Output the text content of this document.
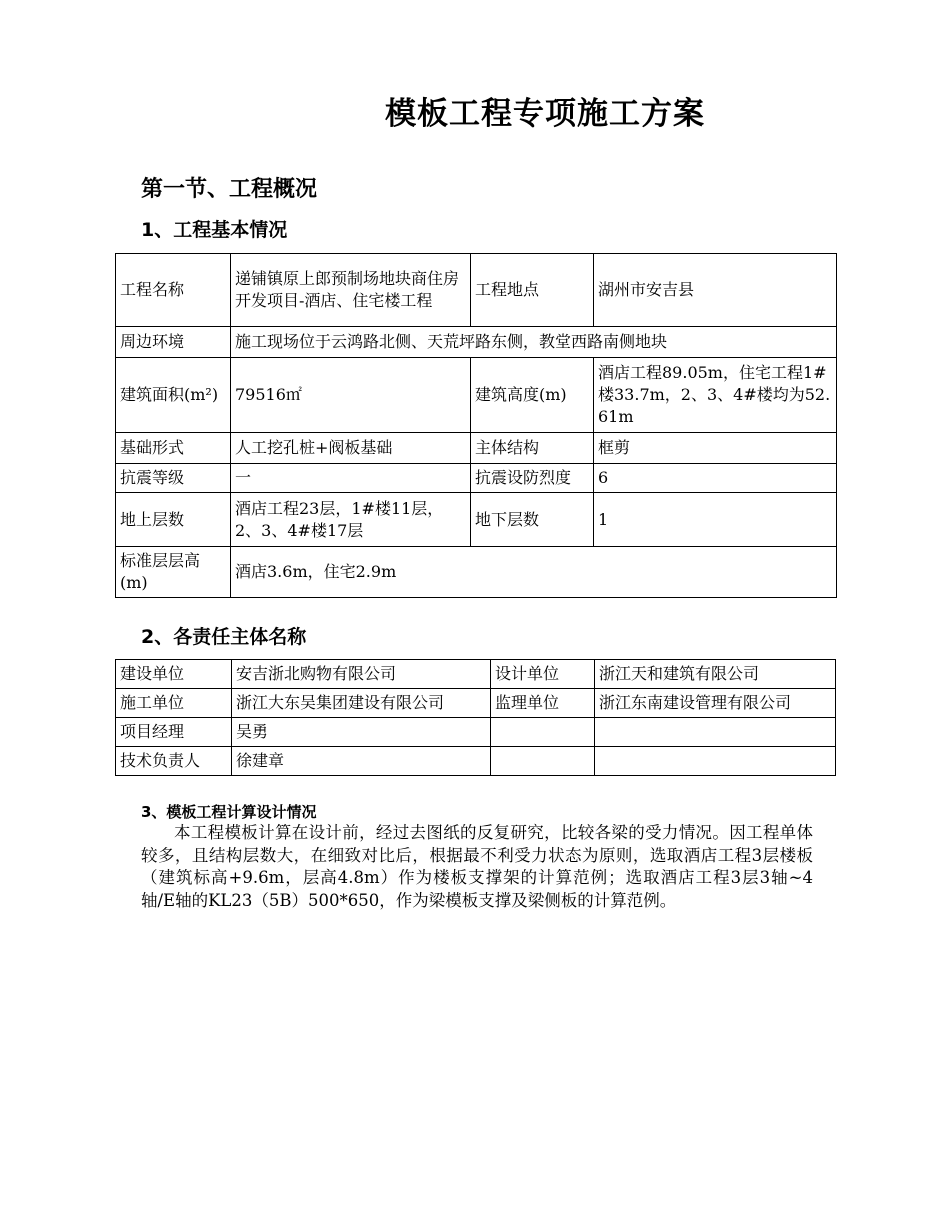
模板工程专项施工方案
第一节、工程概况
1、工程基本情况
工程名称	递铺镇原上郎预制场地块商住房开发项目-酒店、住宅楼工程	工程地点	湖州市安吉县
周边环境	施工现场位于云鸿路北侧、天荒坪路东侧，教堂西路南侧地块		
建筑面积(m²)	79516㎡	建筑高度(m)	酒店工程89.05m，住宅工程1#楼33.7m，2、3、4#楼均为52.61m
基础形式	人工挖孔桩+阀板基础	主体结构	框剪
抗震等级	一	抗震设防烈度	6
地上层数	酒店工程23层，1#楼11层，2、3、4#楼17层	地下层数	1
标准层层高(m)	酒店3.6m，住宅2.9m		
2、各责任主体名称
建设单位	安吉浙北购物有限公司	设计单位	浙江天和建筑有限公司
施工单位	浙江大东吴集团建设有限公司	监理单位	浙江东南建设管理有限公司
项目经理	吴勇		
技术负责人	徐建章		
3、模板工程计算设计情况
本工程模板计算在设计前，经过去图纸的反复研究，比较各梁的受力情况。因工程单体较多，且结构层数大，在细致对比后，根据最不利受力状态为原则，选取酒店工程3层楼板（建筑标高+9.6m，层高4.8m）作为楼板支撑架的计算范例；选取酒店工程3层3轴~4轴/E轴的KL23（5B）500*650，作为梁模板支撑及梁侧板的计算范例。
